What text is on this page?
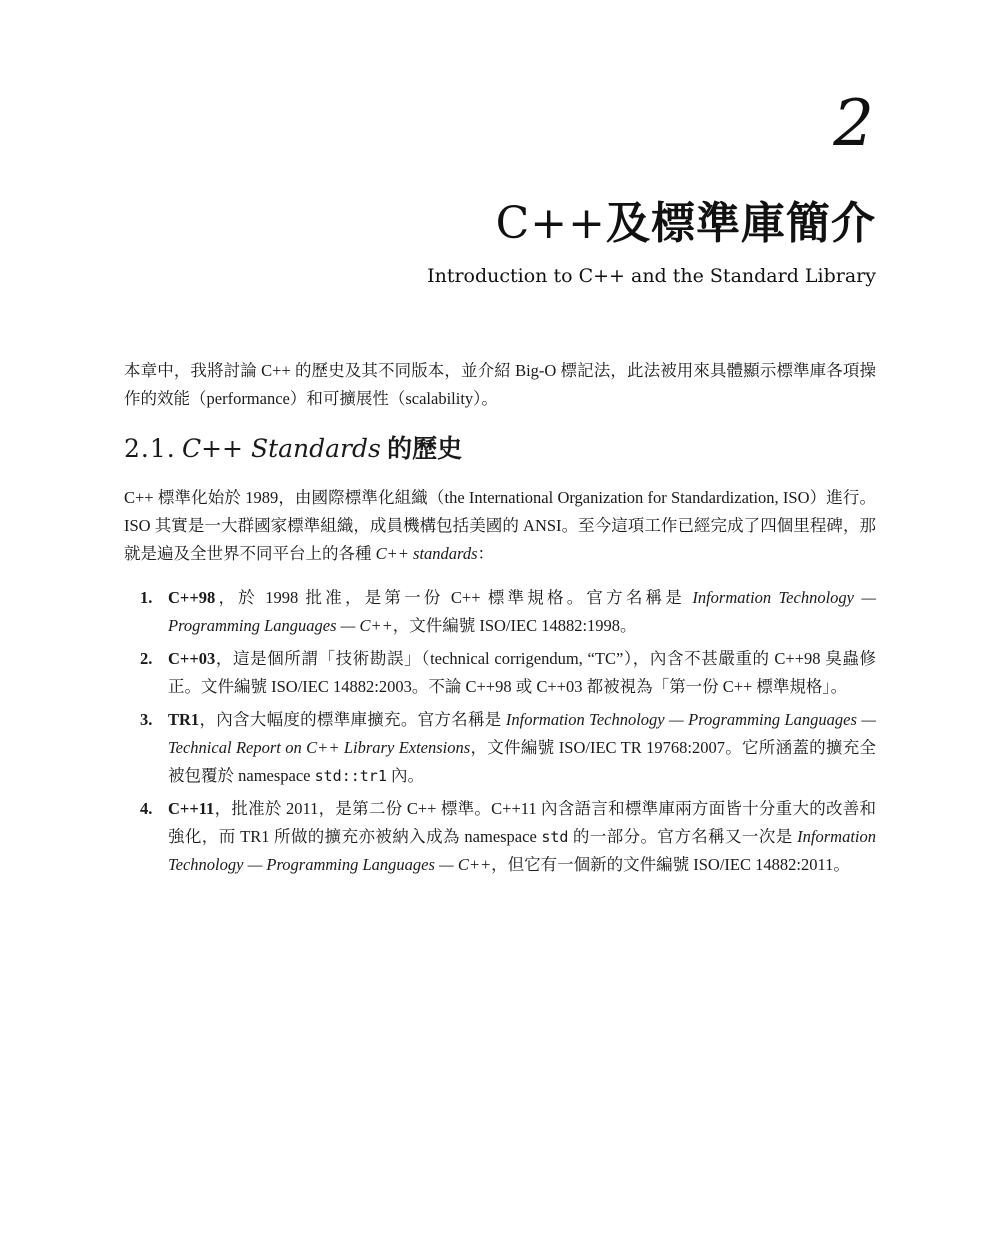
2
C++及標準庫簡介
Introduction to C++ and the Standard Library

本章中，我將討論 C++ 的歷史及其不同版本，並介紹 Big-O 標記法，此法被用來具體顯示標準庫各項操作的效能（performance）和可擴展性（scalability）。

2.1. C++ Standards 的歷史

C++ 標準化始於 1989，由國際標準化組織（the International Organization for Standardization, ISO）進行。ISO 其實是一大群國家標準組織，成員機構包括美國的 ANSI。至今這項工作已經完成了四個里程碑，那就是遍及全世界不同平台上的各種 C++ standards：

1. C++98，於 1998 批准，是第一份 C++ 標準規格。官方名稱是 Information Technology — Programming Languages — C++，文件編號 ISO/IEC 14882:1998。
2. C++03，這是個所謂「技術勘誤」（technical corrigendum, “TC”），內含不甚嚴重的 C++98 臭蟲修正。文件編號 ISO/IEC 14882:2003。不論 C++98 或 C++03 都被視為「第一份 C++ 標準規格」。
3. TR1，內含大幅度的標準庫擴充。官方名稱是 Information Technology — Programming Languages — Technical Report on C++ Library Extensions，文件編號 ISO/IEC TR 19768:2007。它所涵蓋的擴充全被包覆於 namespace std::tr1 內。
4. C++11，批准於 2011，是第二份 C++ 標準。C++11 內含語言和標準庫兩方面皆十分重大的改善和強化，而 TR1 所做的擴充亦被納入成為 namespace std 的一部分。官方名稱又一次是 Information Technology — Programming Languages — C++，但它有一個新的文件編號 ISO/IEC 14882:2011。
